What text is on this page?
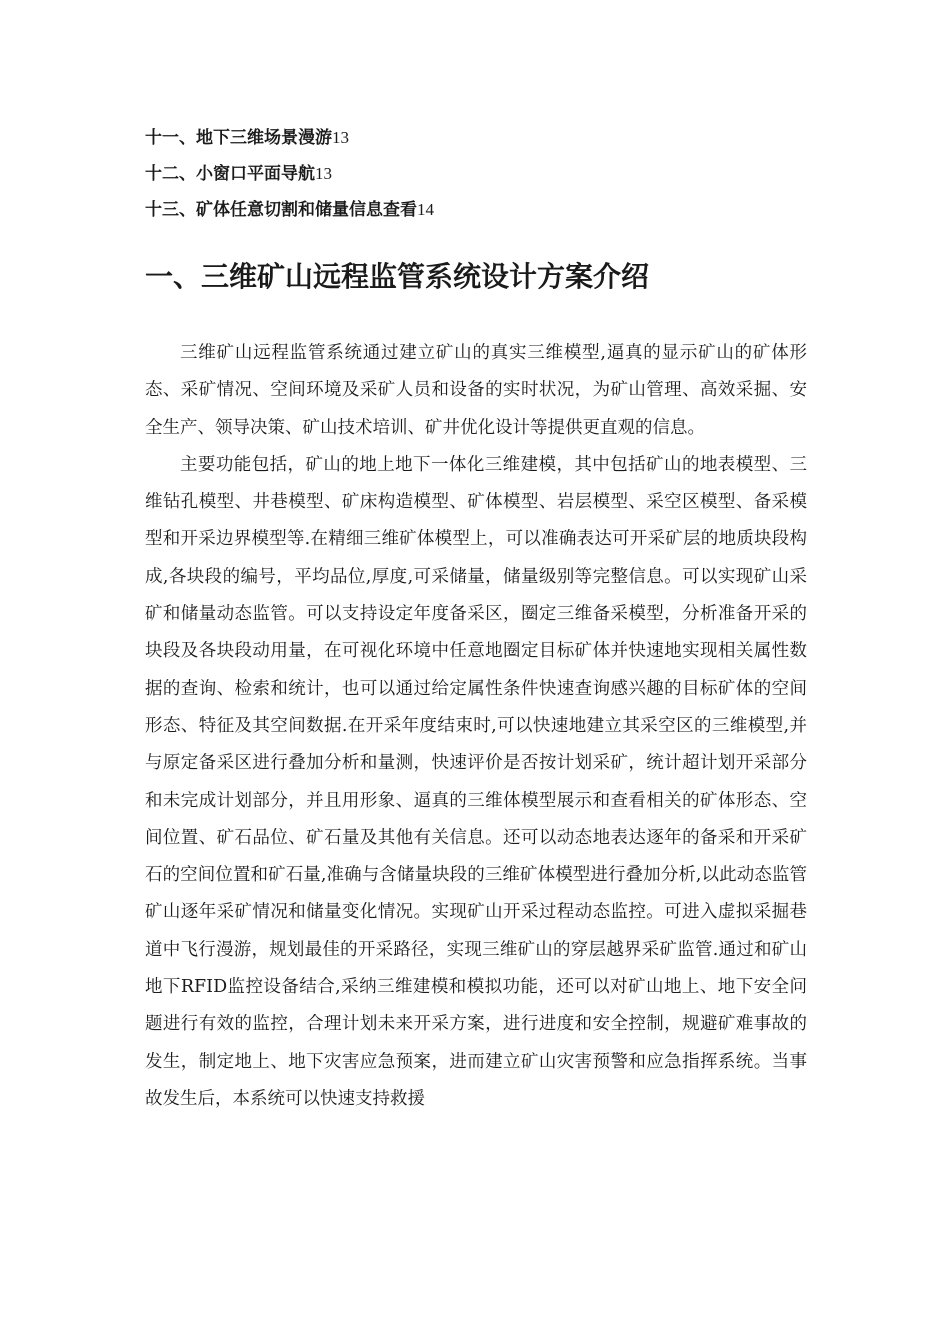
十一、地下三维场景漫游13
十二、小窗口平面导航13
十三、矿体任意切割和储量信息查看14
一、三维矿山远程监管系统设计方案介绍

三维矿山远程监管系统通过建立矿山的真实三维模型,逼真的显示矿山的矿体形态、采矿情况、空间环境及采矿人员和设备的实时状况，为矿山管理、高效采掘、安全生产、领导决策、矿山技术培训、矿井优化设计等提供更直观的信息。

主要功能包括，矿山的地上地下一体化三维建模，其中包括矿山的地表模型、三维钻孔模型、井巷模型、矿床构造模型、矿体模型、岩层模型、采空区模型、备采模型和开采边界模型等.在精细三维矿体模型上，可以准确表达可开采矿层的地质块段构成,各块段的编号，平均品位,厚度,可采储量，储量级别等完整信息。可以实现矿山采矿和储量动态监管。可以支持设定年度备采区，圈定三维备采模型，分析准备开采的块段及各块段动用量，在可视化环境中任意地圈定目标矿体并快速地实现相关属性数据的查询、检索和统计，也可以通过给定属性条件快速查询感兴趣的目标矿体的空间形态、特征及其空间数据.在开采年度结束时,可以快速地建立其采空区的三维模型,并与原定备采区进行叠加分析和量测，快速评价是否按计划采矿，统计超计划开采部分和未完成计划部分，并且用形象、逼真的三维体模型展示和查看相关的矿体形态、空间位置、矿石品位、矿石量及其他有关信息。还可以动态地表达逐年的备采和开采矿石的空间位置和矿石量,准确与含储量块段的三维矿体模型进行叠加分析,以此动态监管矿山逐年采矿情况和储量变化情况。实现矿山开采过程动态监控。可进入虚拟采掘巷道中飞行漫游，规划最佳的开采路径，实现三维矿山的穿层越界采矿监管.通过和矿山地下RFID监控设备结合,采纳三维建模和模拟功能，还可以对矿山地上、地下安全问题进行有效的监控，合理计划未来开采方案，进行进度和安全控制，规避矿难事故的发生，制定地上、地下灾害应急预案，进而建立矿山灾害预警和应急指挥系统。当事故发生后，本系统可以快速支持救援
